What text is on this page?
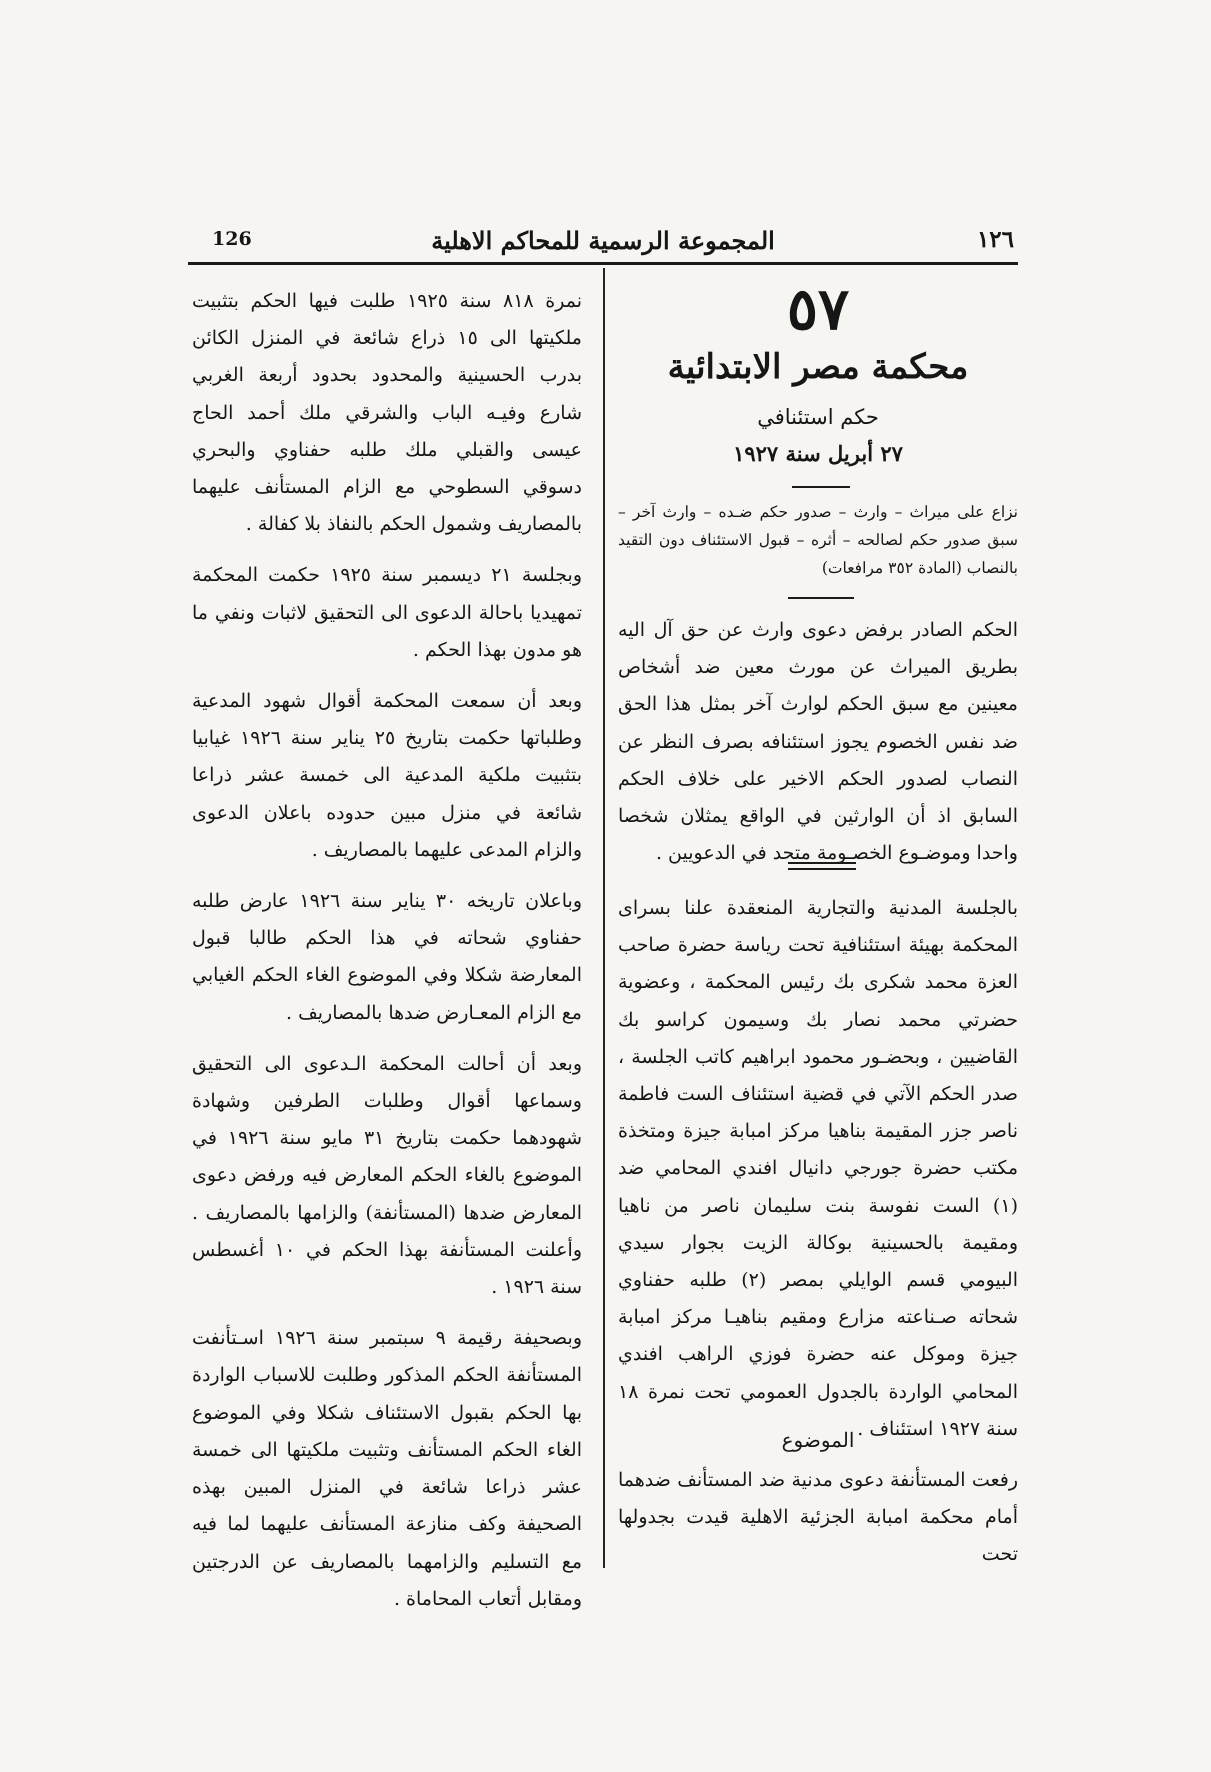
126	المجموعة الرسمية للمحاكم الاهلية	١٢٦

نمرة ٨١٨ سنة ١٩٢٥ طلبت فيها الحكم بتثبيت ملكيتها الى ١٥ ذراع شائعة في المنزل الكائن بدرب الحسينية والمحدود بحدود أربعة الغربي شارع وفيـه الباب والشرقي ملك أحمد الحاج عيسى والقبلي ملك طلبه حفناوي والبحري دسوقي السطوحي مع الزام المستأنف عليهما بالمصاريف وشمول الحكم بالنفاذ بلا كفالة .

وبجلسة ٢١ ديسمبر سنة ١٩٢٥ حكمت المحكمة تمهيديا باحالة الدعوى الى التحقيق لاثبات ونفي ما هو مدون بهذا الحكم .

وبعد أن سمعت المحكمة أقوال شهود المدعية وطلباتها حكمت بتاريخ ٢٥ يناير سنة ١٩٢٦ غيابيا بتثبيت ملكية المدعية الى خمسة عشر ذراعا شائعة في منزل مبين حدوده باعلان الدعوى والزام المدعى عليهما بالمصاريف .

وباعلان تاريخه ٣٠ يناير سنة ١٩٢٦ عارض طلبه حفناوي شحاته في هذا الحكم طالبا قبول المعارضة شكلا وفي الموضوع الغاء الحكم الغيابي مع الزام المعـارض ضدها بالمصاريف .

وبعد أن أحالت المحكمة الـدعوى الى التحقيق وسماعها أقوال وطلبات الطرفين وشهادة شهودهما حكمت بتاريخ ٣١ مايو سنة ١٩٢٦ في الموضوع بالغاء الحكم المعارض فيه ورفض دعوى المعارض ضدها (المستأنفة) والزامها بالمصاريف . وأعلنت المستأنفة بهذا الحكم في ١٠ أغسطس سنة ١٩٢٦ .

وبصحيفة رقيمة ٩ سبتمبر سنة ١٩٢٦ اسـتأنفت المستأنفة الحكم المذكور وطلبت للاسباب الواردة بها الحكم بقبول الاستئناف شكلا وفي الموضوع الغاء الحكم المستأنف وتثبيت ملكيتها الى خمسة عشر ذراعا شائعة في المنزل المبين بهذه الصحيفة وكف منازعة المستأنف عليهما لما فيه مع التسليم والزامهما بالمصاريف عن الدرجتين ومقابل أتعاب المحاماة .

٥٧
محكمة مصر الابتدائية
حكم استئنافي
٢٧ أبريل سنة ١٩٢٧
نزاع على ميراث – وارث – صدور حكم ضـده – وارث آخر – سبق صدور حكم لصالحه – أثره – قبول الاستئناف دون التقيد بالنصاب (المادة ٣٥٢ مرافعات)

الحكم الصادر برفض دعوى وارث عن حق آل اليه بطريق الميراث عن مورث معين ضد أشخاص معينين مع سبق الحكم لوارث آخر بمثل هذا الحق ضد نفس الخصوم يجوز استئنافه بصرف النظر عن النصاب لصدور الحكم الاخير على خلاف الحكم السابق اذ أن الوارثين في الواقع يمثلان شخصا واحدا وموضـوع الخصـومة متحد في الدعويين .

بالجلسة المدنية والتجارية المنعقدة علنا بسراى المحكمة بهيئة استئنافية تحت رياسة حضرة صاحب العزة محمد شكرى بك رئيس المحكمة ، وعضوية حضرتي محمد نصار بك وسيمون كراسو بك القاضيين ، وبحضـور محمود ابراهيم كاتب الجلسة ، صدر الحكم الآتي في قضية استئناف الست فاطمة ناصر جزر المقيمة بناهيا مركز امبابة جيزة ومتخذة مكتب حضرة جورجي دانيال افندي المحامي ضد (١) الست نفوسة بنت سليمان ناصر من ناهيا ومقيمة بالحسينية بوكالة الزيت بجوار سيدي البيومي قسم الوايلي بمصر (٢) طلبه حفناوي شحاته صـناعته مزارع ومقيم بناهيـا مركز امبابة جيزة وموكل عنه حضرة فوزي الراهب افندي المحامي الواردة بالجدول العمومي تحت نمرة ١٨ سنة ١٩٢٧ استئناف .

الموضوع

رفعت المستأنفة دعوى مدنية ضد المستأنف ضدهما أمام محكمة امبابة الجزئية الاهلية قيدت بجدولها تحت
